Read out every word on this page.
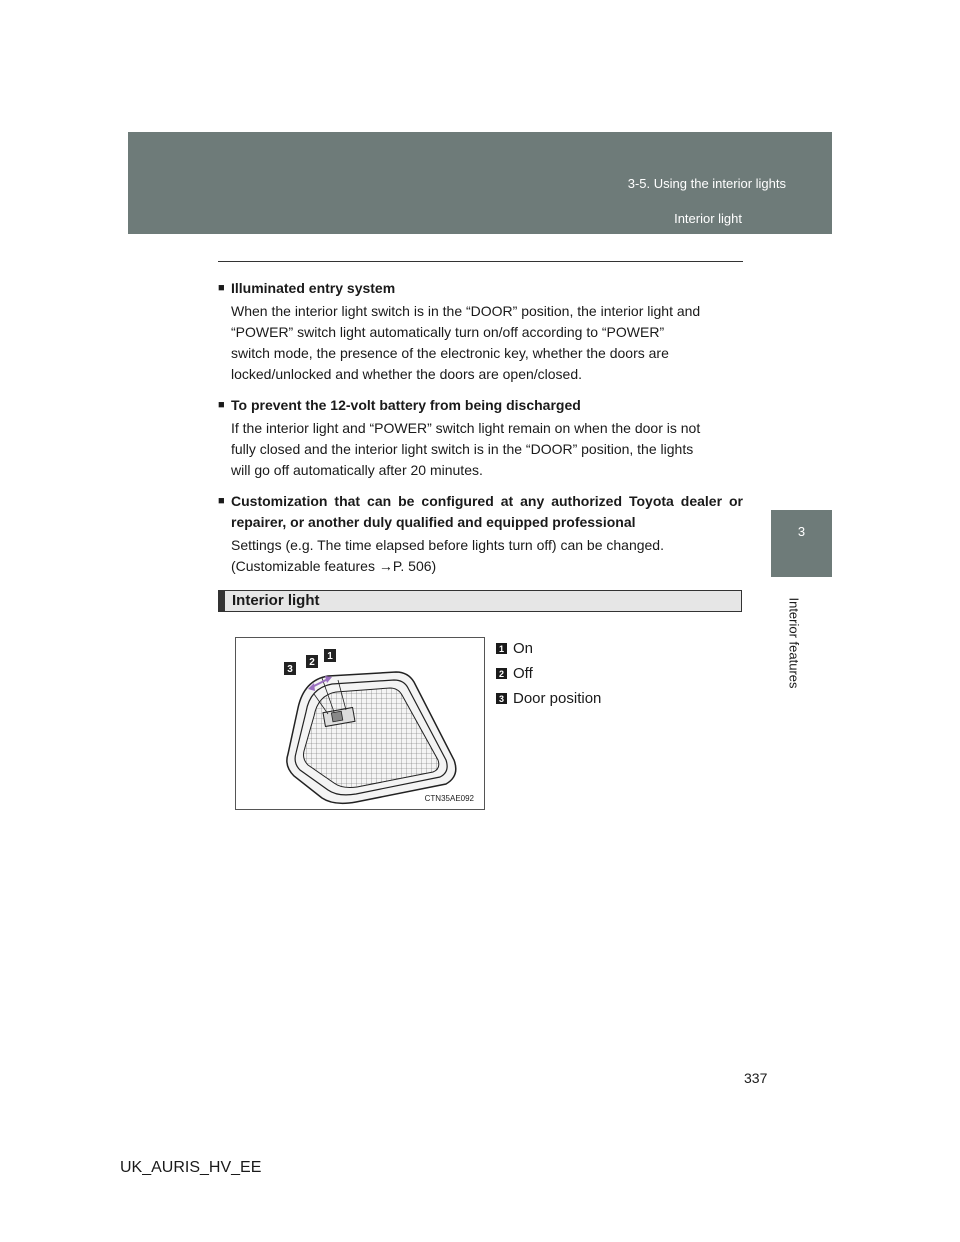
3-5. Using the interior lights
Interior light
3
Interior features
■ Illuminated entry system
When the interior light switch is in the “DOOR” position, the interior light and
“POWER” switch light automatically turn on/off according to “POWER”
switch mode, the presence of the electronic key, whether the doors are
locked/unlocked and whether the doors are open/closed.
■ To prevent the 12-volt battery from being discharged
If the interior light and “POWER” switch light remain on when the door is not
fully closed and the interior light switch is in the “DOOR” position, the lights
will go off automatically after 20 minutes.
■ Customization that can be configured at any authorized Toyota dealer or repairer, or another duly qualified and equipped professional
Settings (e.g. The time elapsed before lights turn off) can be changed.
(Customizable features →P. 506)
Interior light
3
2
1
CTN35AE092
1 On
2 Off
3 Door position
337
UK_AURIS_HV_EE
